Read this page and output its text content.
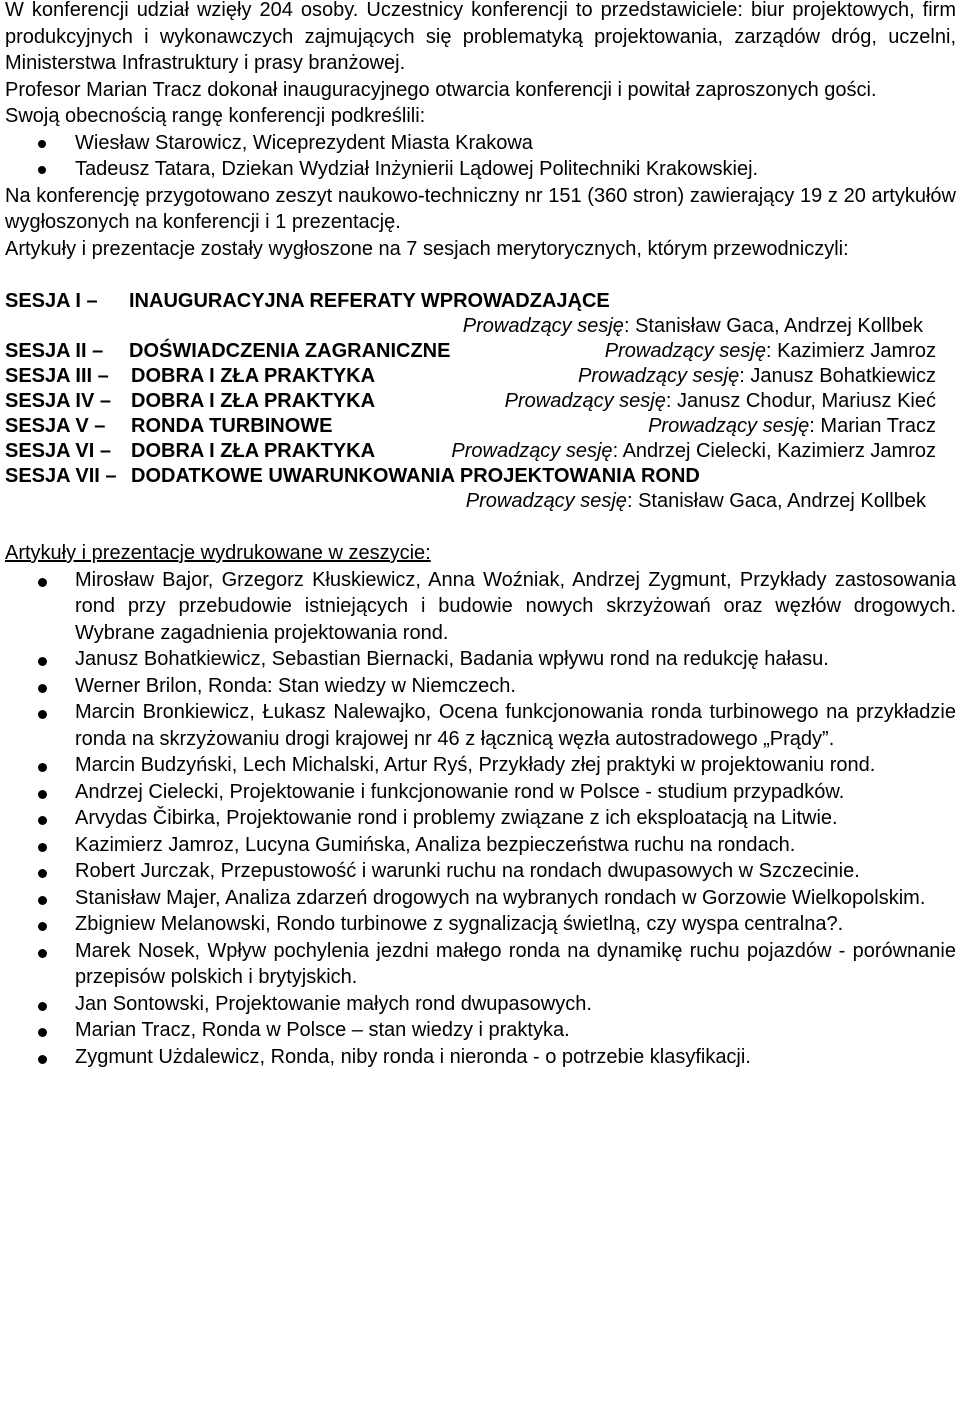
W konferencji udział wzięły 204 osoby. Uczestnicy konferencji to przedstawiciele: biur projektowych, firm produkcyjnych i wykonawczych zajmujących się problematyką projektowania, zarządów dróg, uczelni, Ministerstwa Infrastruktury i prasy branżowej.

Profesor Marian Tracz dokonał inauguracyjnego otwarcia konferencji i powitał zaproszonych gości.

Swoją obecnością rangę konferencji podkreślili:

Wiesław Starowicz, Wiceprezydent Miasta Krakowa
Tadeusz Tatara, Dziekan Wydział Inżynierii Lądowej Politechniki Krakowskiej.

Na konferencję przygotowano zeszyt naukowo-techniczny nr 151 (360 stron) zawierający 19 z 20 artykułów wygłoszonych na konferencji i 1 prezentację.

Artykuły i prezentacje zostały wygłoszone na 7 sesjach merytorycznych, którym przewodniczyli:

SESJA I – INAUGURACYJNA REFERATY WPROWADZAJĄCE
Prowadzący sesję: Stanisław Gaca, Andrzej Kollbek
SESJA II – DOŚWIADCZENIA ZAGRANICZNE	Prowadzący sesję: Kazimierz Jamroz
SESJA III – DOBRA I ZŁA PRAKTYKA	Prowadzący sesję: Janusz Bohatkiewicz
SESJA IV – DOBRA I ZŁA PRAKTYKA	Prowadzący sesję: Janusz Chodur, Mariusz Kieć
SESJA V – RONDA TURBINOWE	Prowadzący sesję: Marian Tracz
SESJA VI – DOBRA I ZŁA PRAKTYKA	Prowadzący sesję: Andrzej Cielecki, Kazimierz Jamroz
SESJA VII – DODATKOWE UWARUNKOWANIA PROJEKTOWANIA ROND
Prowadzący sesję: Stanisław Gaca, Andrzej Kollbek

Artykuły i prezentacje wydrukowane w zeszycie:

Mirosław Bajor, Grzegorz Kłuskiewicz, Anna Woźniak, Andrzej Zygmunt, Przykłady zastosowania rond przy przebudowie istniejących i budowie nowych skrzyżowań oraz węzłów drogowych. Wybrane zagadnienia projektowania rond.
Janusz Bohatkiewicz, Sebastian Biernacki, Badania wpływu rond na redukcję hałasu.
Werner Brilon, Ronda: Stan wiedzy w Niemczech.
Marcin Bronkiewicz, Łukasz Nalewajko, Ocena funkcjonowania ronda turbinowego na przykładzie ronda na skrzyżowaniu drogi krajowej nr 46 z łącznicą węzła autostradowego „Prądy”.
Marcin Budzyński, Lech Michalski, Artur Ryś, Przykłady złej praktyki w projektowaniu rond.
Andrzej Cielecki, Projektowanie i funkcjonowanie rond w Polsce - studium przypadków.
Arvydas Čibirka, Projektowanie rond i problemy związane z ich eksploatacją na Litwie.
Kazimierz Jamroz, Lucyna Gumińska, Analiza bezpieczeństwa ruchu na rondach.
Robert Jurczak, Przepustowość i warunki ruchu na rondach dwupasowych w Szczecinie.
Stanisław Majer, Analiza zdarzeń drogowych na wybranych rondach w Gorzowie Wielkopolskim.
Zbigniew Melanowski, Rondo turbinowe z sygnalizacją świetlną, czy wyspa centralna?.
Marek Nosek, Wpływ pochylenia jezdni małego ronda na dynamikę ruchu pojazdów - porównanie przepisów polskich i brytyjskich.
Jan Sontowski, Projektowanie małych rond dwupasowych.
Marian Tracz, Ronda w Polsce – stan wiedzy i praktyka.
Zygmunt Użdalewicz, Ronda, niby ronda i nieronda - o potrzebie klasyfikacji.
